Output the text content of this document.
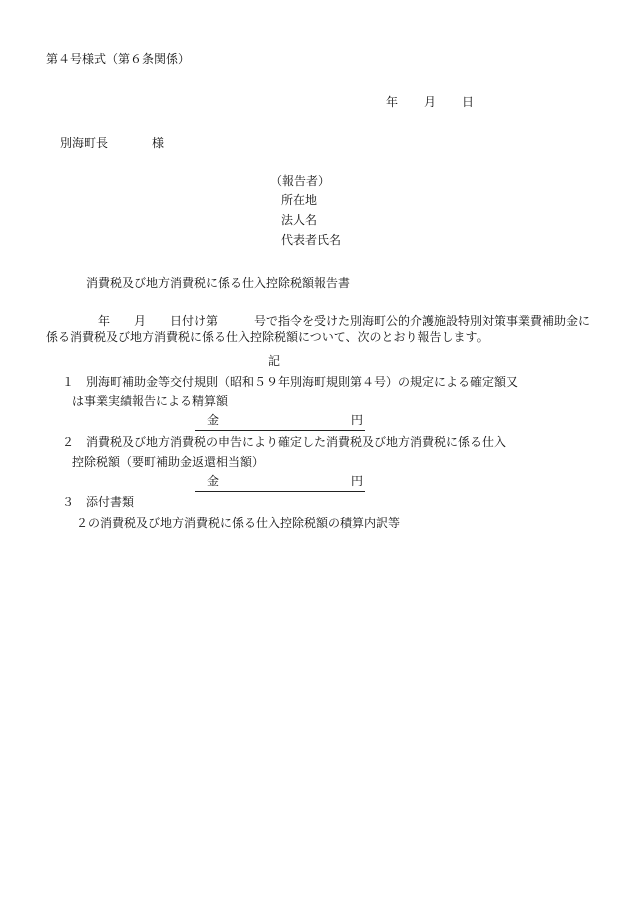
第４号様式（第６条関係）
年 月 日
別海町長	様
（報告者）
所在地
法人名
代表者氏名
消費税及び地方消費税に係る仕入控除税額報告書
年 月 日付け第	号で指令を受けた別海町公的介護施設特別対策事業費補助金に係る消費税及び地方消費税に係る仕入控除税額について、次のとおり報告します。
記
１ 別海町補助金等交付規則（昭和５９年別海町規則第４号）の規定による確定額又
は事業実績報告による精算額
金	円
２ 消費税及び地方消費税の申告により確定した消費税及び地方消費税に係る仕入
控除税額（要町補助金返還相当額）
金	円
３ 添付書類
２の消費税及び地方消費税に係る仕入控除税額の積算内訳等
